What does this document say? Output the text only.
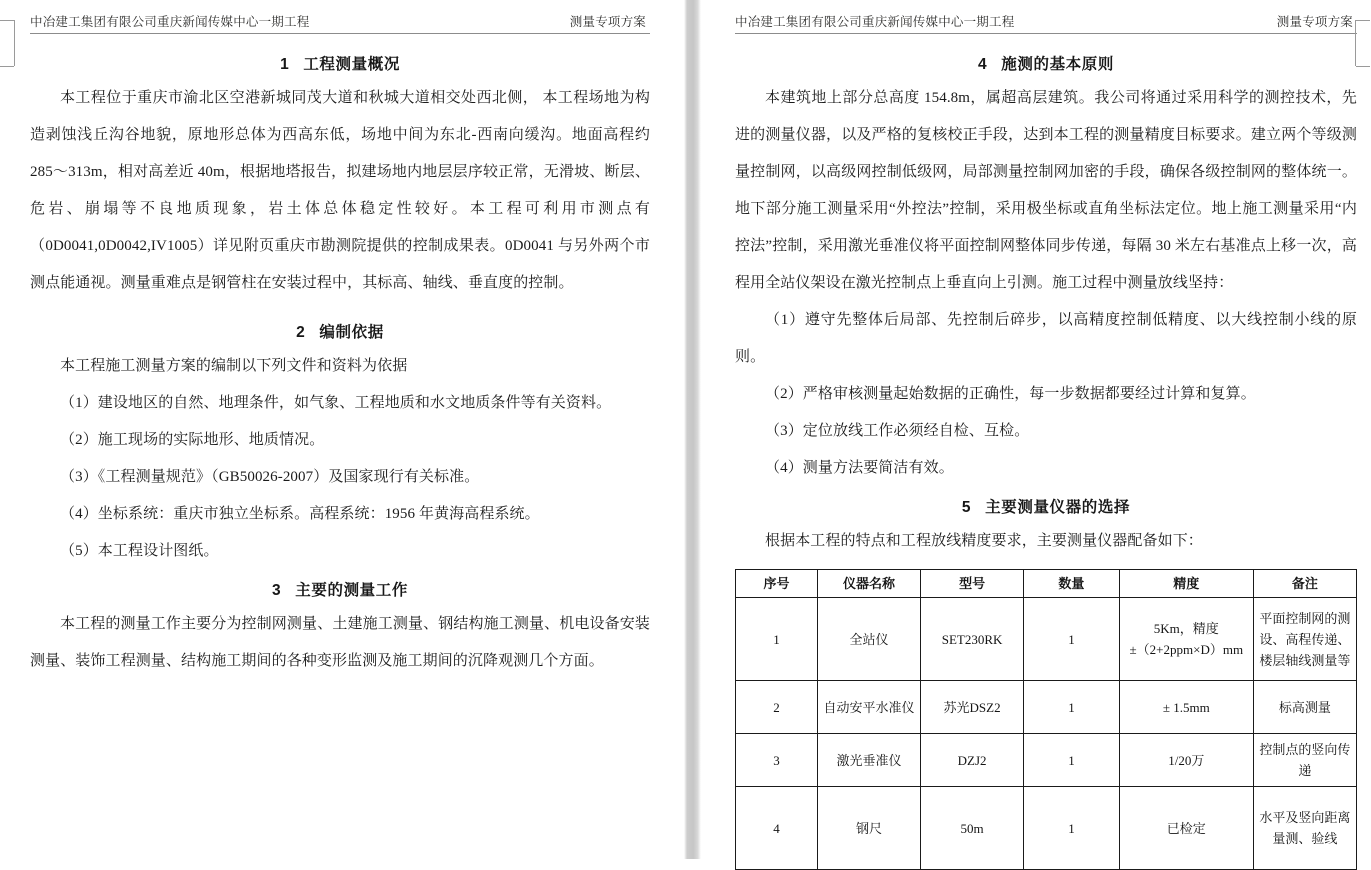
中冶建工集团有限公司重庆新闻传媒中心一期工程	测量专项方案
1 工程测量概况

本工程位于重庆市渝北区空港新城同茂大道和秋城大道相交处西北侧， 本工程场地为构造剥蚀浅丘沟谷地貌，原地形总体为西高东低，场地中间为东北-西南向缓沟。地面高程约 285～313m，相对高差近 40m，根据地塔报告，拟建场地内地层层序较正常，无滑坡、断层、危岩、崩塌等不良地质现象，岩土体总体稳定性较好。本工程可利用市测点有（0D0041,0D0042,IV1005）详见附页重庆市勘测院提供的控制成果表。0D0041 与另外两个市测点能通视。测量重难点是钢管柱在安装过程中，其标高、轴线、垂直度的控制。

2 编制依据

本工程施工测量方案的编制以下列文件和资料为依据

（1）建设地区的自然、地理条件，如气象、工程地质和水文地质条件等有关资料。

（2）施工现场的实际地形、地质情况。

（3）《工程测量规范》（GB50026-2007）及国家现行有关标准。

（4）坐标系统：重庆市独立坐标系。高程系统：1956 年黄海高程系统。

（5）本工程设计图纸。

3 主要的测量工作

本工程的测量工作主要分为控制网测量、土建施工测量、钢结构施工测量、机电设备安装测量、装饰工程测量、结构施工期间的各种变形监测及施工期间的沉降观测几个方面。

中冶建工集团有限公司重庆新闻传媒中心一期工程	测量专项方案
4 施测的基本原则

本建筑地上部分总高度 154.8m，属超高层建筑。我公司将通过采用科学的测控技术，先进的测量仪器，以及严格的复核校正手段，达到本工程的测量精度目标要求。建立两个等级测量控制网，以高级网控制低级网，局部测量控制网加密的手段，确保各级控制网的整体统一。地下部分施工测量采用“外控法”控制，采用极坐标或直角坐标法定位。地上施工测量采用“内控法”控制，采用激光垂准仪将平面控制网整体同步传递，每隔 30 米左右基准点上移一次，高程用全站仪架设在激光控制点上垂直向上引测。施工过程中测量放线坚持：

（1）遵守先整体后局部、先控制后碎步，以高精度控制低精度、以大线控制小线的原则。

（2）严格审核测量起始数据的正确性，每一步数据都要经过计算和复算。

（3）定位放线工作必须经自检、互检。

（4）测量方法要简洁有效。

5 主要测量仪器的选择

根据本工程的特点和工程放线精度要求，主要测量仪器配备如下：

序号	仪器名称	型号	数量	精度	备注
1	全站仪	SET230RK	1	5Km，精度±（2+2ppm×D）mm	平面控制网的测设、高程传递、楼层轴线测量等
2	自动安平水准仪	苏光DSZ2	1	± 1.5mm	标高测量
3	激光垂准仪	DZJ2	1	1/20万	控制点的竖向传递
4	钢尺	50m	1	已检定	水平及竖向距离量测、验线
